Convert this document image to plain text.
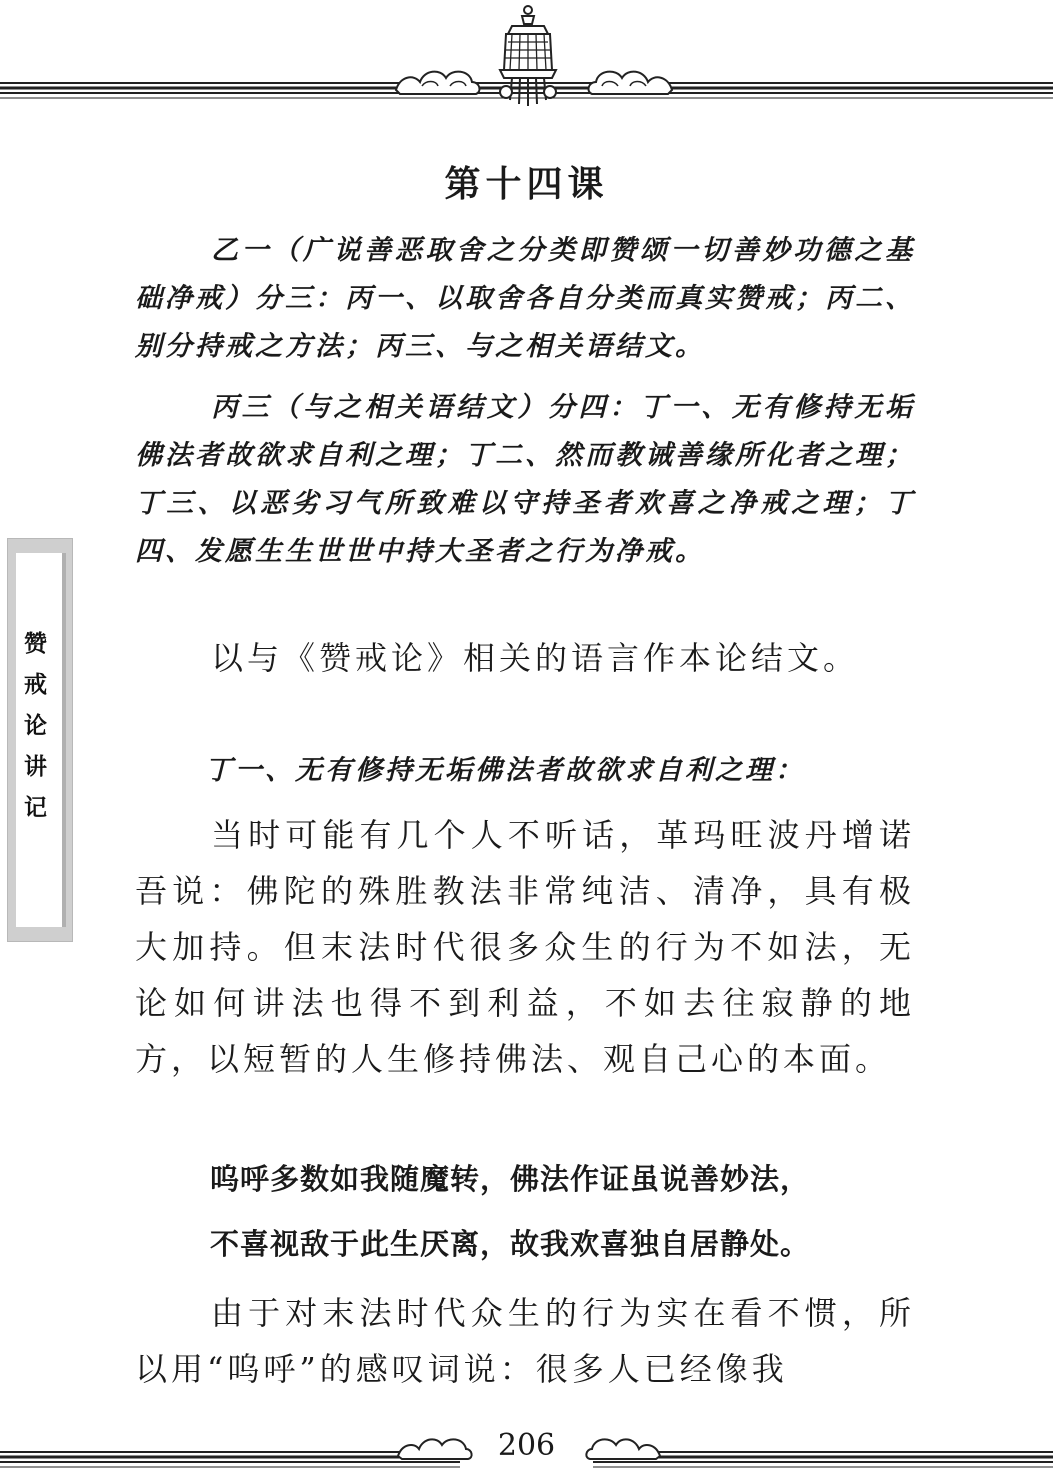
赞戒论讲记
第十四课

乙一（广说善恶取舍之分类即赞颂一切善妙功德之基础净戒）分三：丙一、以取舍各自分类而真实赞戒；丙二、别分持戒之方法；丙三、与之相关语结文。

丙三（与之相关语结文）分四：丁一、无有修持无垢佛法者故欲求自利之理；丁二、然而教诫善缘所化者之理；丁三、以恶劣习气所致难以守持圣者欢喜之净戒之理；丁四、发愿生生世世中持大圣者之行为净戒。

以与《赞戒论》相关的语言作本论结文。

丁一、无有修持无垢佛法者故欲求自利之理：

当时可能有几个人不听话，革玛旺波丹增诺吾说：佛陀的殊胜教法非常纯洁、清净，具有极大加持。但末法时代很多众生的行为不如法，无论如何讲法也得不到利益，不如去往寂静的地方，以短暂的人生修持佛法、观自己心的本面。

呜呼多数如我随魔转，佛法作证虽说善妙法，

不喜视敌于此生厌离，故我欢喜独自居静处。

由于对末法时代众生的行为实在看不惯，所以用“呜呼”的感叹词说：很多人已经像我

206
